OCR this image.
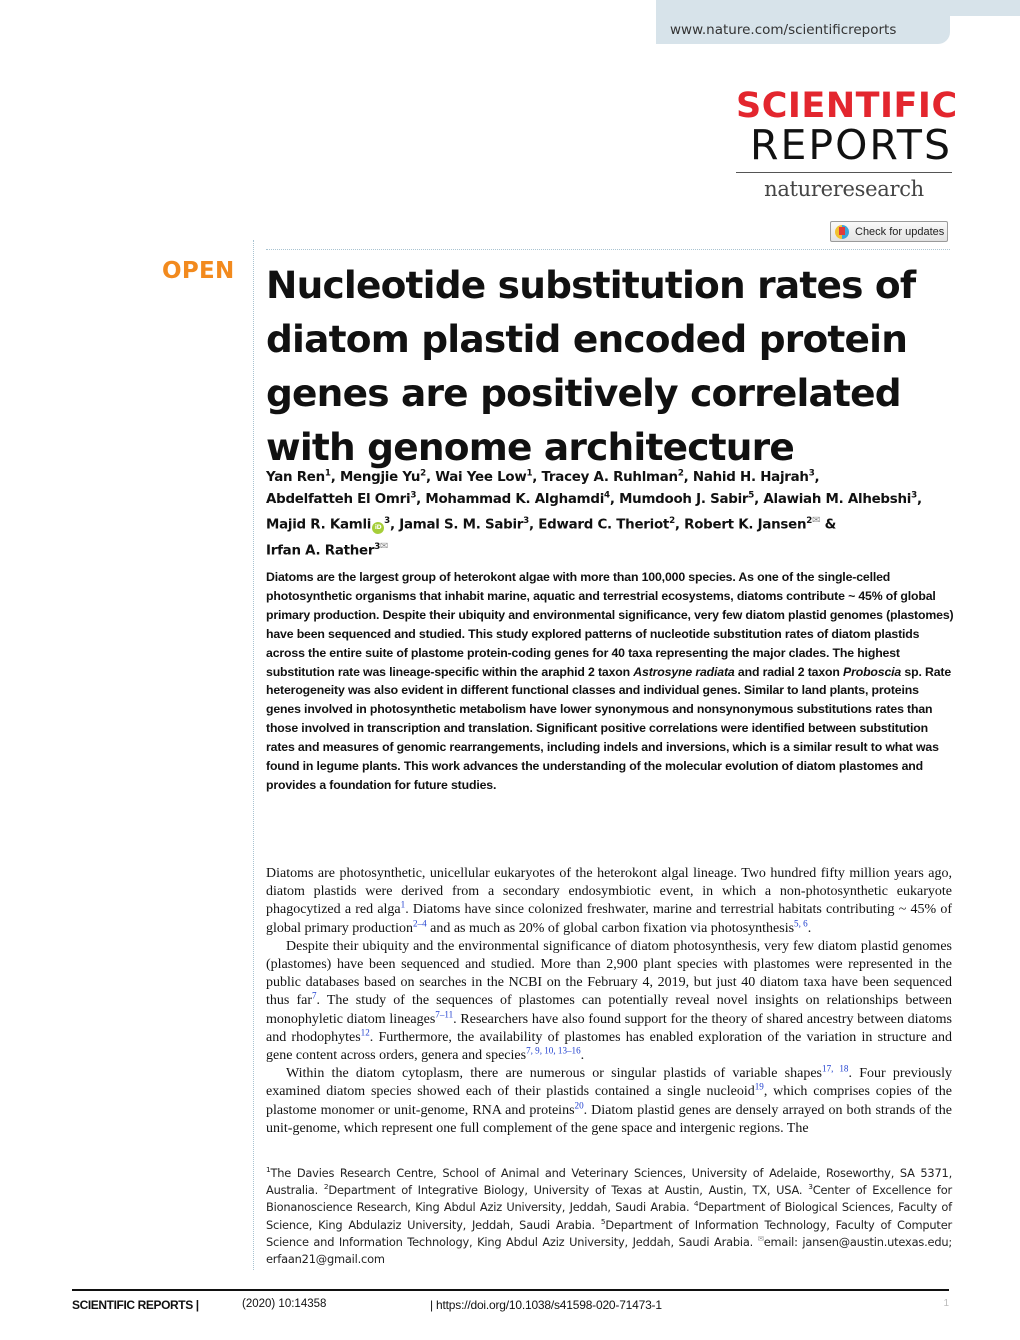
www.nature.com/scientificreports
SCIENTIFIC
REPORTS
natureresearch
Check for updates
OPEN Nucleotide substitution rates of diatom plastid encoded protein genes are positively correlated with genome architecture
Yan Ren$^1$, Mengjie Yu$^2$, Wai Yee Low$^1$, Tracey A. Ruhlman$^2$, Nahid H. Hajrah$^3$,
Abdelfatteh El Omri$^3$, Mohammad K. Alghamdi$^4$, Mumdooh J. Sabir$^5$, Alawiah M. Alhebshi$^3$,
Majid R. Kamli $iD^3$, Jamal S. M. Sabir$^3$, Edward C. Theriot$^2$, Robert K. Jansen$^{2✉}$ &
Irfan A. Rather$^{3✉}$

Diatoms are the largest group of heterokont algae with more than 100,000 species. As one of the single-celled photosynthetic organisms that inhabit marine, aquatic and terrestrial ecosystems, diatoms contribute ~ 45% of global primary production. Despite their ubiquity and environmental significance, very few diatom plastid genomes (plastomes) have been sequenced and studied. This study explored patterns of nucleotide substitution rates of diatom plastids across the entire suite of plastome protein-coding genes for 40 taxa representing the major clades. The highest substitution rate was lineage-specific within the araphid 2 taxon Astrosyne radiata and radial 2 taxon Proboscia sp. Rate heterogeneity was also evident in different functional classes and individual genes. Similar to land plants, proteins genes involved in photosynthetic metabolism have lower synonymous and nonsynonymous substitutions rates than those involved in transcription and translation. Significant positive correlations were identified between substitution rates and measures of genomic rearrangements, including indels and inversions, which is a similar result to what was found in legume plants. This work advances the understanding of the molecular evolution of diatom plastomes and provides a foundation for future studies.

Diatoms are photosynthetic, unicellular eukaryotes of the heterokont algal lineage. Two hundred fifty million years ago, diatom plastids were derived from a secondary endosymbiotic event, in which a non-photosynthetic eukaryote phagocytized a red alga$^1$. Diatoms have since colonized freshwater, marine and terrestrial habitats contributing ~ 45% of global primary production$^{2-4}$ and as much as 20% of global carbon fixation via photosynthesis$^{5, 6}$.

Despite their ubiquity and the environmental significance of diatom photosynthesis, very few diatom plastid genomes (plastomes) have been sequenced and studied. More than 2,900 plant species with plastomes were represented in the public databases based on searches in the NCBI on the February 4, 2019, but just 40 diatom taxa have been sequenced thus far$^7$. The study of the sequences of plastomes can potentially reveal novel insights on relationships between monophyletic diatom lineages$^{7-11}$. Researchers have also found support for the theory of shared ancestry between diatoms and rhodophytes$^{12}$. Furthermore, the availability of plastomes has enabled exploration of the variation in structure and gene content across orders, genera and species$^{7, 9, 10, 13-16}$.

Within the diatom cytoplasm, there are numerous or singular plastids of variable shapes$^{17, 18}$. Four previously examined diatom species showed each of their plastids contained a single nucleoid$^{19}$, which comprises copies of the plastome monomer or unit-genome, RNA and proteins$^{20}$. Diatom plastid genes are densely arrayed on both strands of the unit-genome, which represent one full complement of the gene space and intergenic regions. The

$^1$The Davies Research Centre, School of Animal and Veterinary Sciences, University of Adelaide, Roseworthy, SA 5371, Australia. $^2$Department of Integrative Biology, University of Texas at Austin, Austin, TX, USA. $^3$Center of Excellence for Bionanoscience Research, King Abdul Aziz University, Jeddah, Saudi Arabia. $^4$Department of Biological Sciences, Faculty of Science, King Abdulaziz University, Jeddah, Saudi Arabia. $^5$Department of Information Technology, Faculty of Computer Science and Information Technology, King Abdul Aziz University, Jeddah, Saudi Arabia. ✉email: jansen@austin.utexas.edu; erfaan21@gmail.com
SCIENTIFIC REPORTS |	(2020) 10:14358	| https://doi.org/10.1038/s41598-020-71473-1	1
